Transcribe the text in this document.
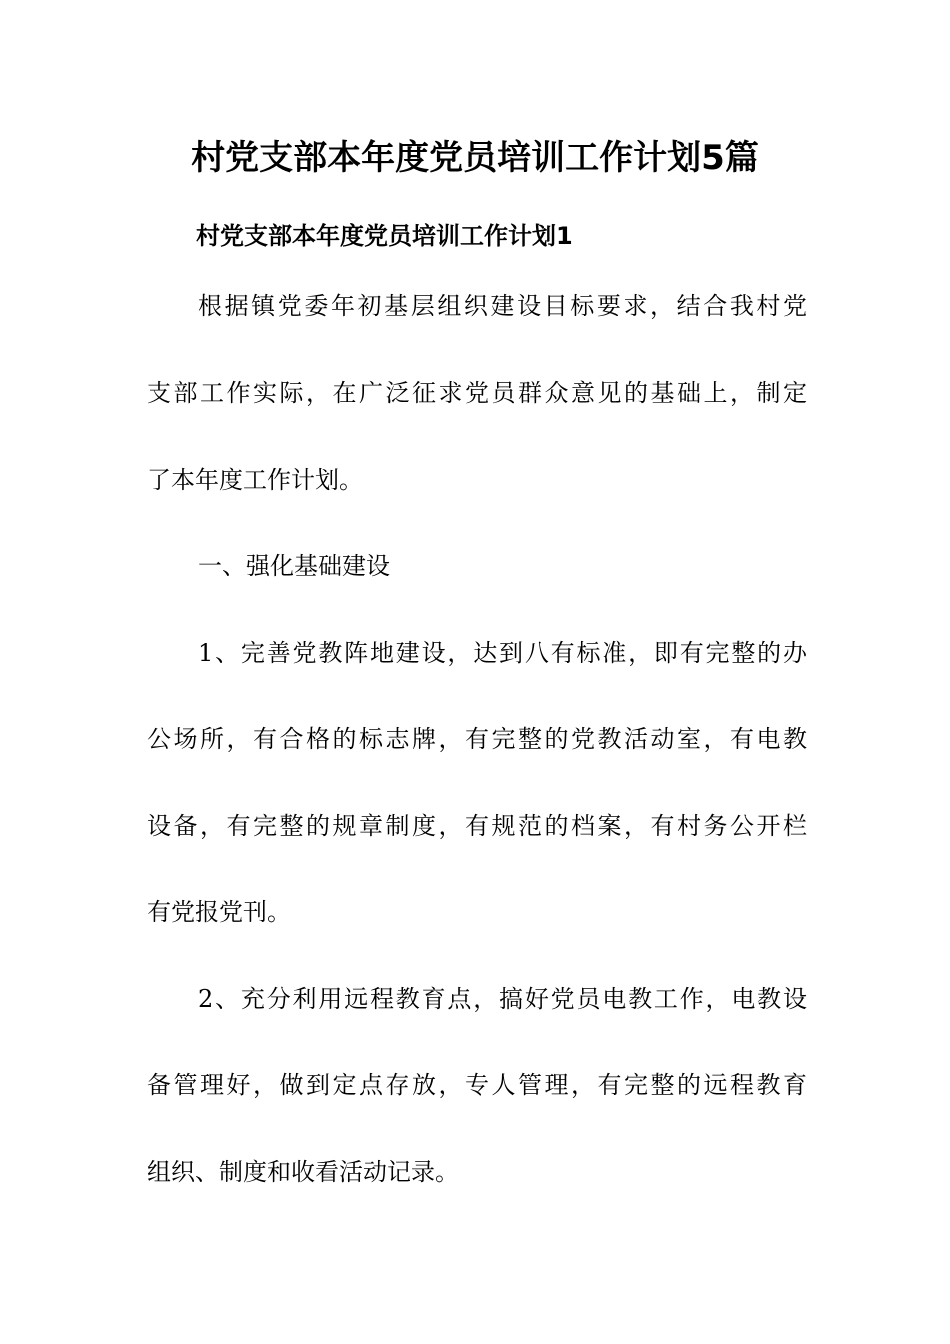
村党支部本年度党员培训工作计划5篇
村党支部本年度党员培训工作计划1
根据镇党委年初基层组织建设目标要求，结合我村党
支部工作实际，在广泛征求党员群众意见的基础上，制定
了本年度工作计划。
一、强化基础建设
1、完善党教阵地建设，达到八有标准，即有完整的办
公场所，有合格的标志牌，有完整的党教活动室，有电教
设备，有完整的规章制度，有规范的档案，有村务公开栏
有党报党刊。
2、充分利用远程教育点，搞好党员电教工作，电教设
备管理好，做到定点存放，专人管理，有完整的远程教育
组织、制度和收看活动记录。
